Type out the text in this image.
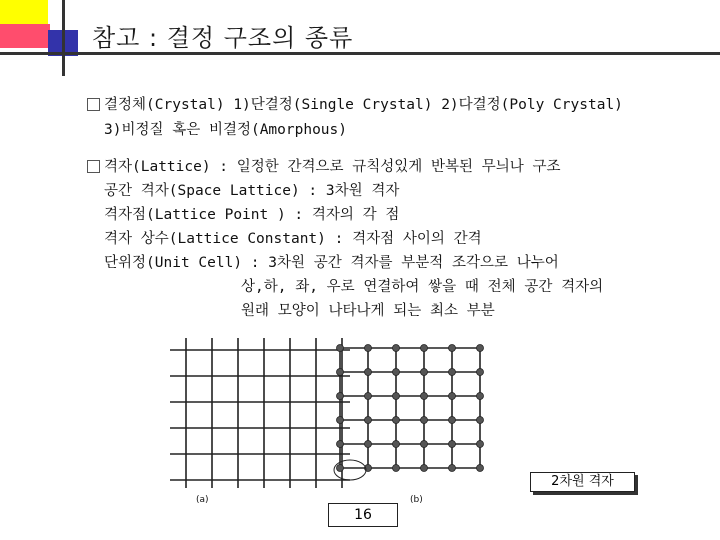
참고 : 결정 구조의 종류
결정체(Crystal) 1)단결정(Single Crystal) 2)다결정(Poly Crystal)
3)비정질 혹은 비결정(Amorphous)
격자(Lattice) : 일정한 간격으로 규칙성있게 반복된 무늬나 구조
공간 격자(Space Lattice) : 3차원 격자
격자점(Lattice Point ) : 격자의 각 점
격자 상수(Lattice Constant) : 격자점 사이의 간격
단위정(Unit Cell) : 3차원 공간 격자를 부분적 조각으로 나누어
상,하, 좌, 우로 연결하여 쌓을 때 전체 공간 격자의
원래 모양이 나타나게 되는 최소 부분
(a)	(b)
2차원 격자
16
